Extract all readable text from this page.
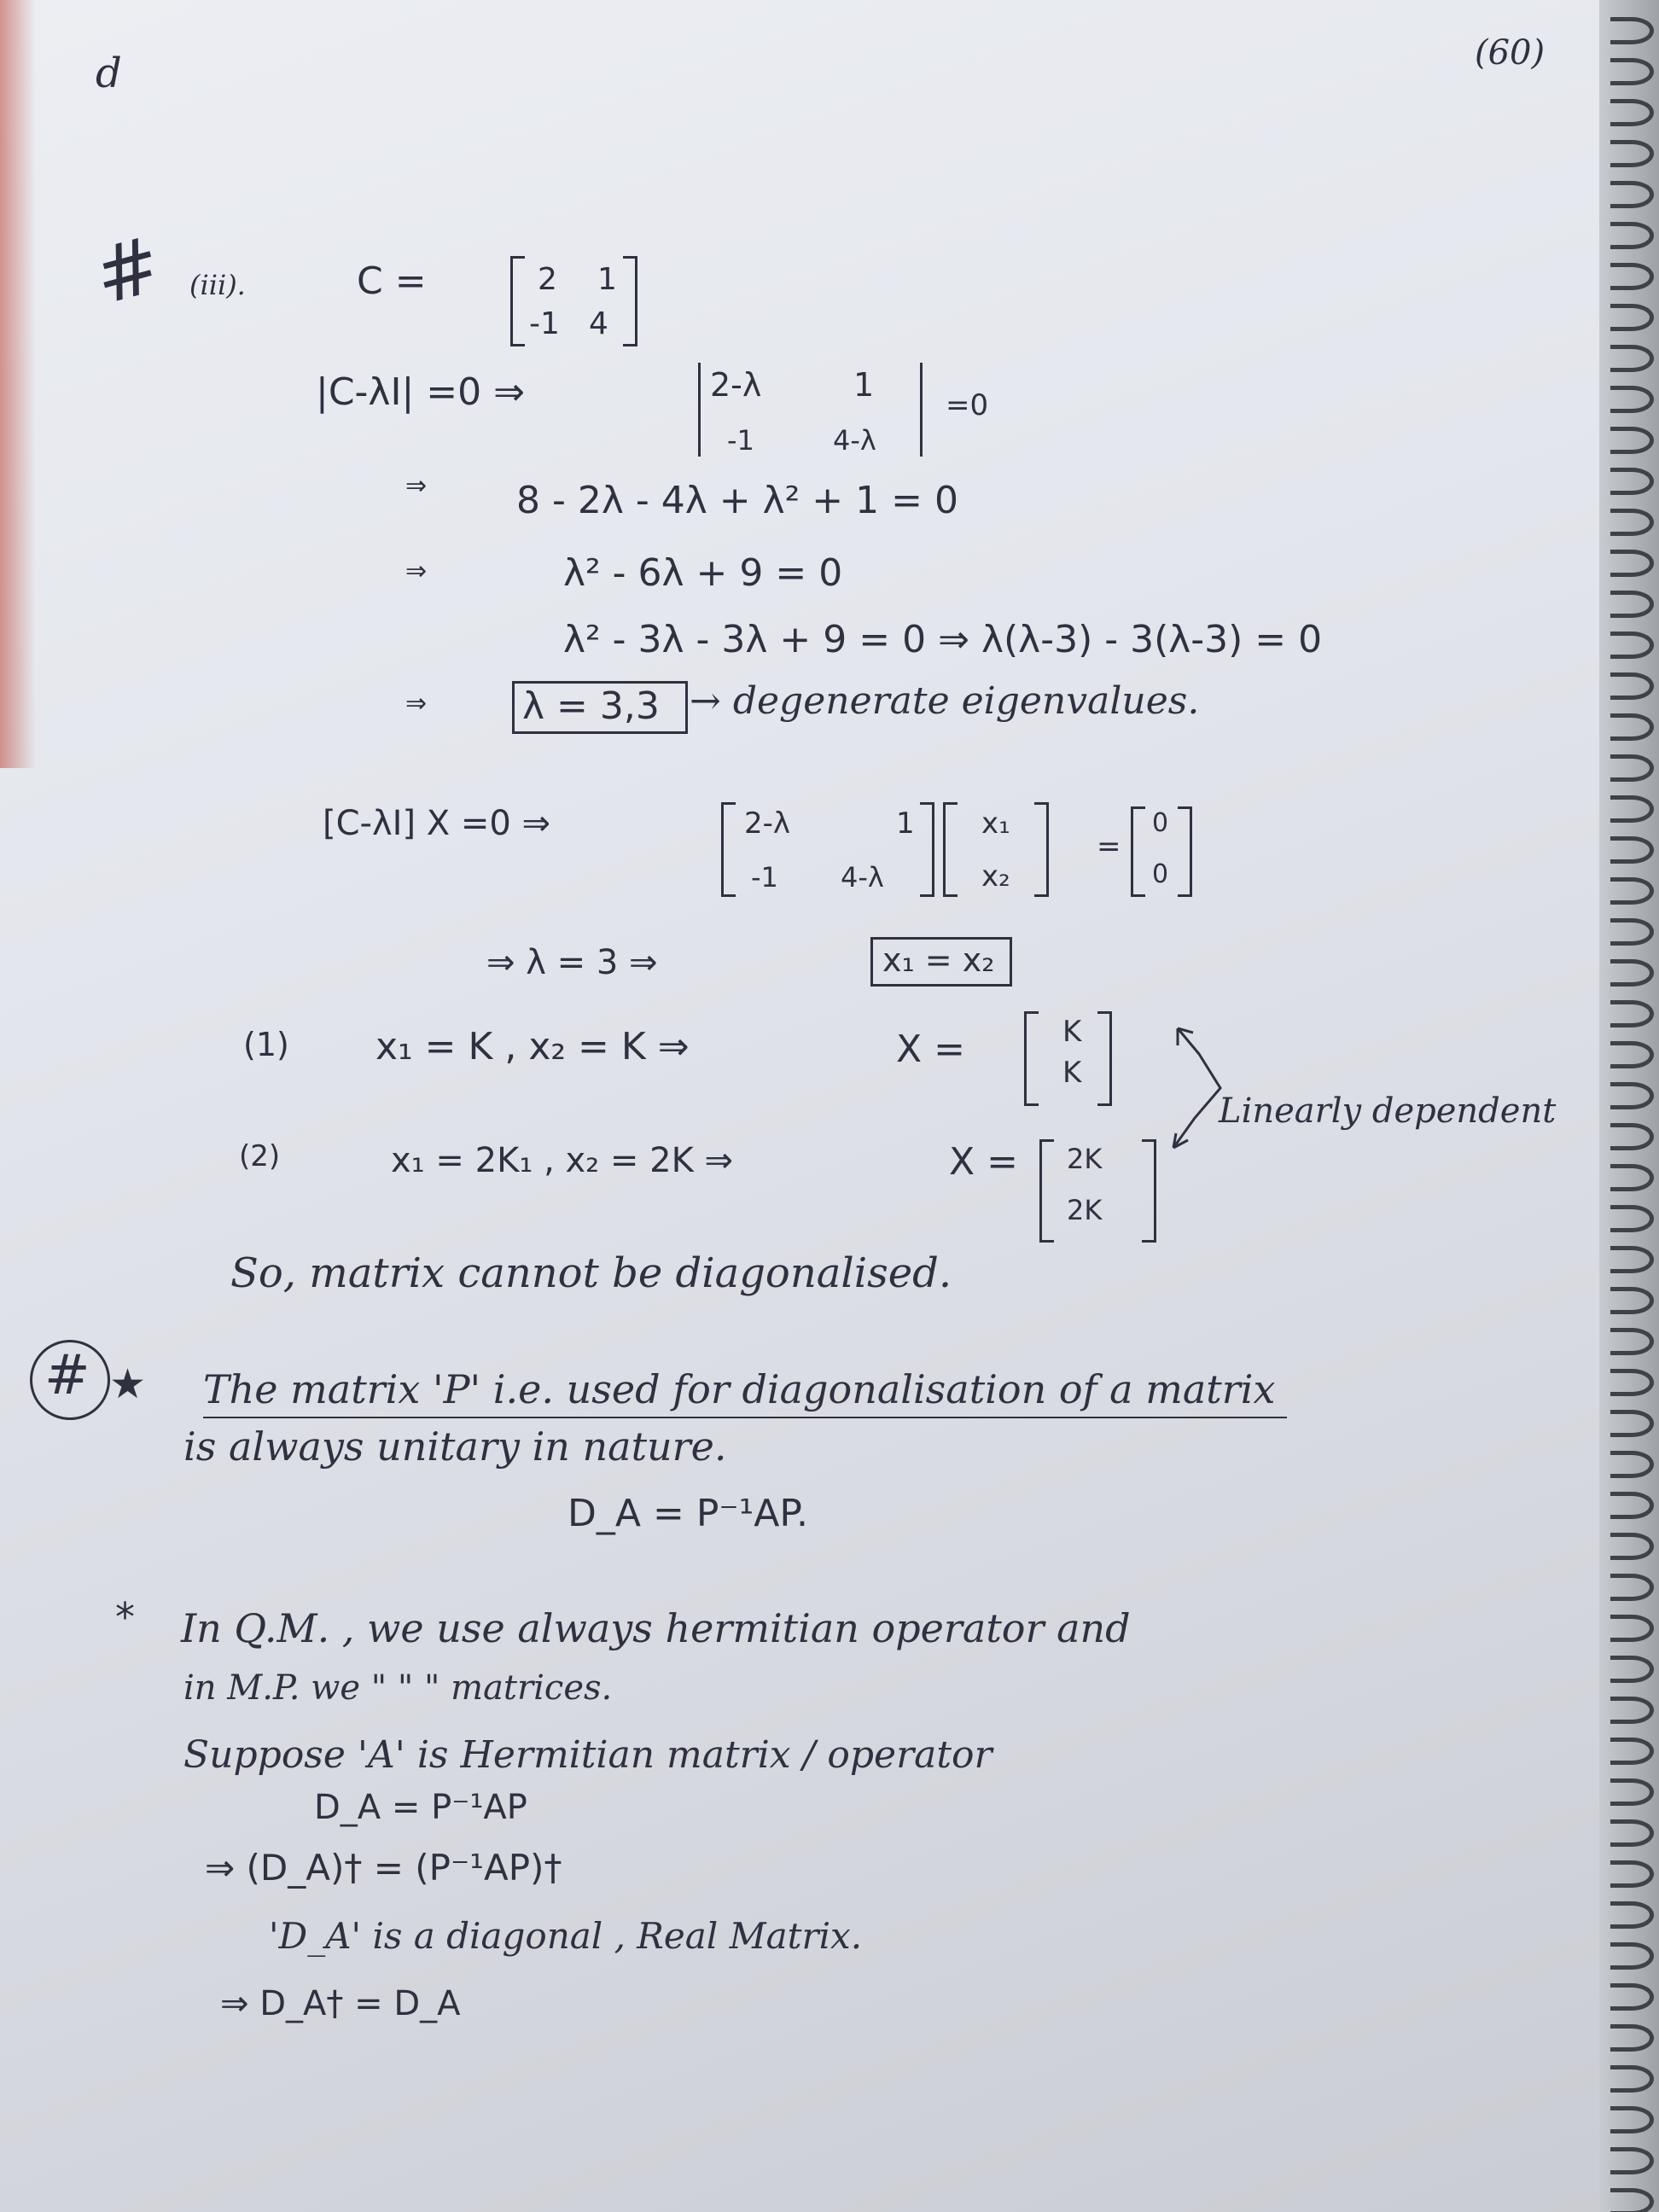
(60)
d
# (iii).	C =	2 1
-1 4
|C-λI| =0 ⇒	2-λ	1
-1	4-λ
=0
⇒ 8 - 2λ - 4λ + λ² + 1 = 0
⇒	λ² - 6λ + 9 = 0
λ² - 3λ - 3λ + 9 = 0 ⇒ λ(λ-3) - 3(λ-3) = 0
⇒	λ = 3,3 → degenerate eigenvalues.
[C-λI] X =0 ⇒	2-λ	1
-1 4-λ
x₁
x₂
=
0
0
⇒ λ = 3 ⇒	x₁ = x₂
(1) x₁ = K , x₂ = K ⇒	X =	K
K
(2)	x₁ = 2K₁ , x₂ = 2K ⇒	X = 2K
2K
Linearly dependent
So, matrix cannot be diagonalised.
# ★ The matrix 'P' i.e. used for diagonalisation of a matrix
is always unitary in nature.
D_A = P⁻¹AP.
* In Q.M. , we use always hermitian operator and
in M.P. we " " " matrices.
Suppose 'A' is Hermitian matrix / operator
D_A = P⁻¹AP
⇒ (D_A)† = (P⁻¹AP)†
'D_A' is a diagonal , Real Matrix.
⇒ D_A† = D_A
